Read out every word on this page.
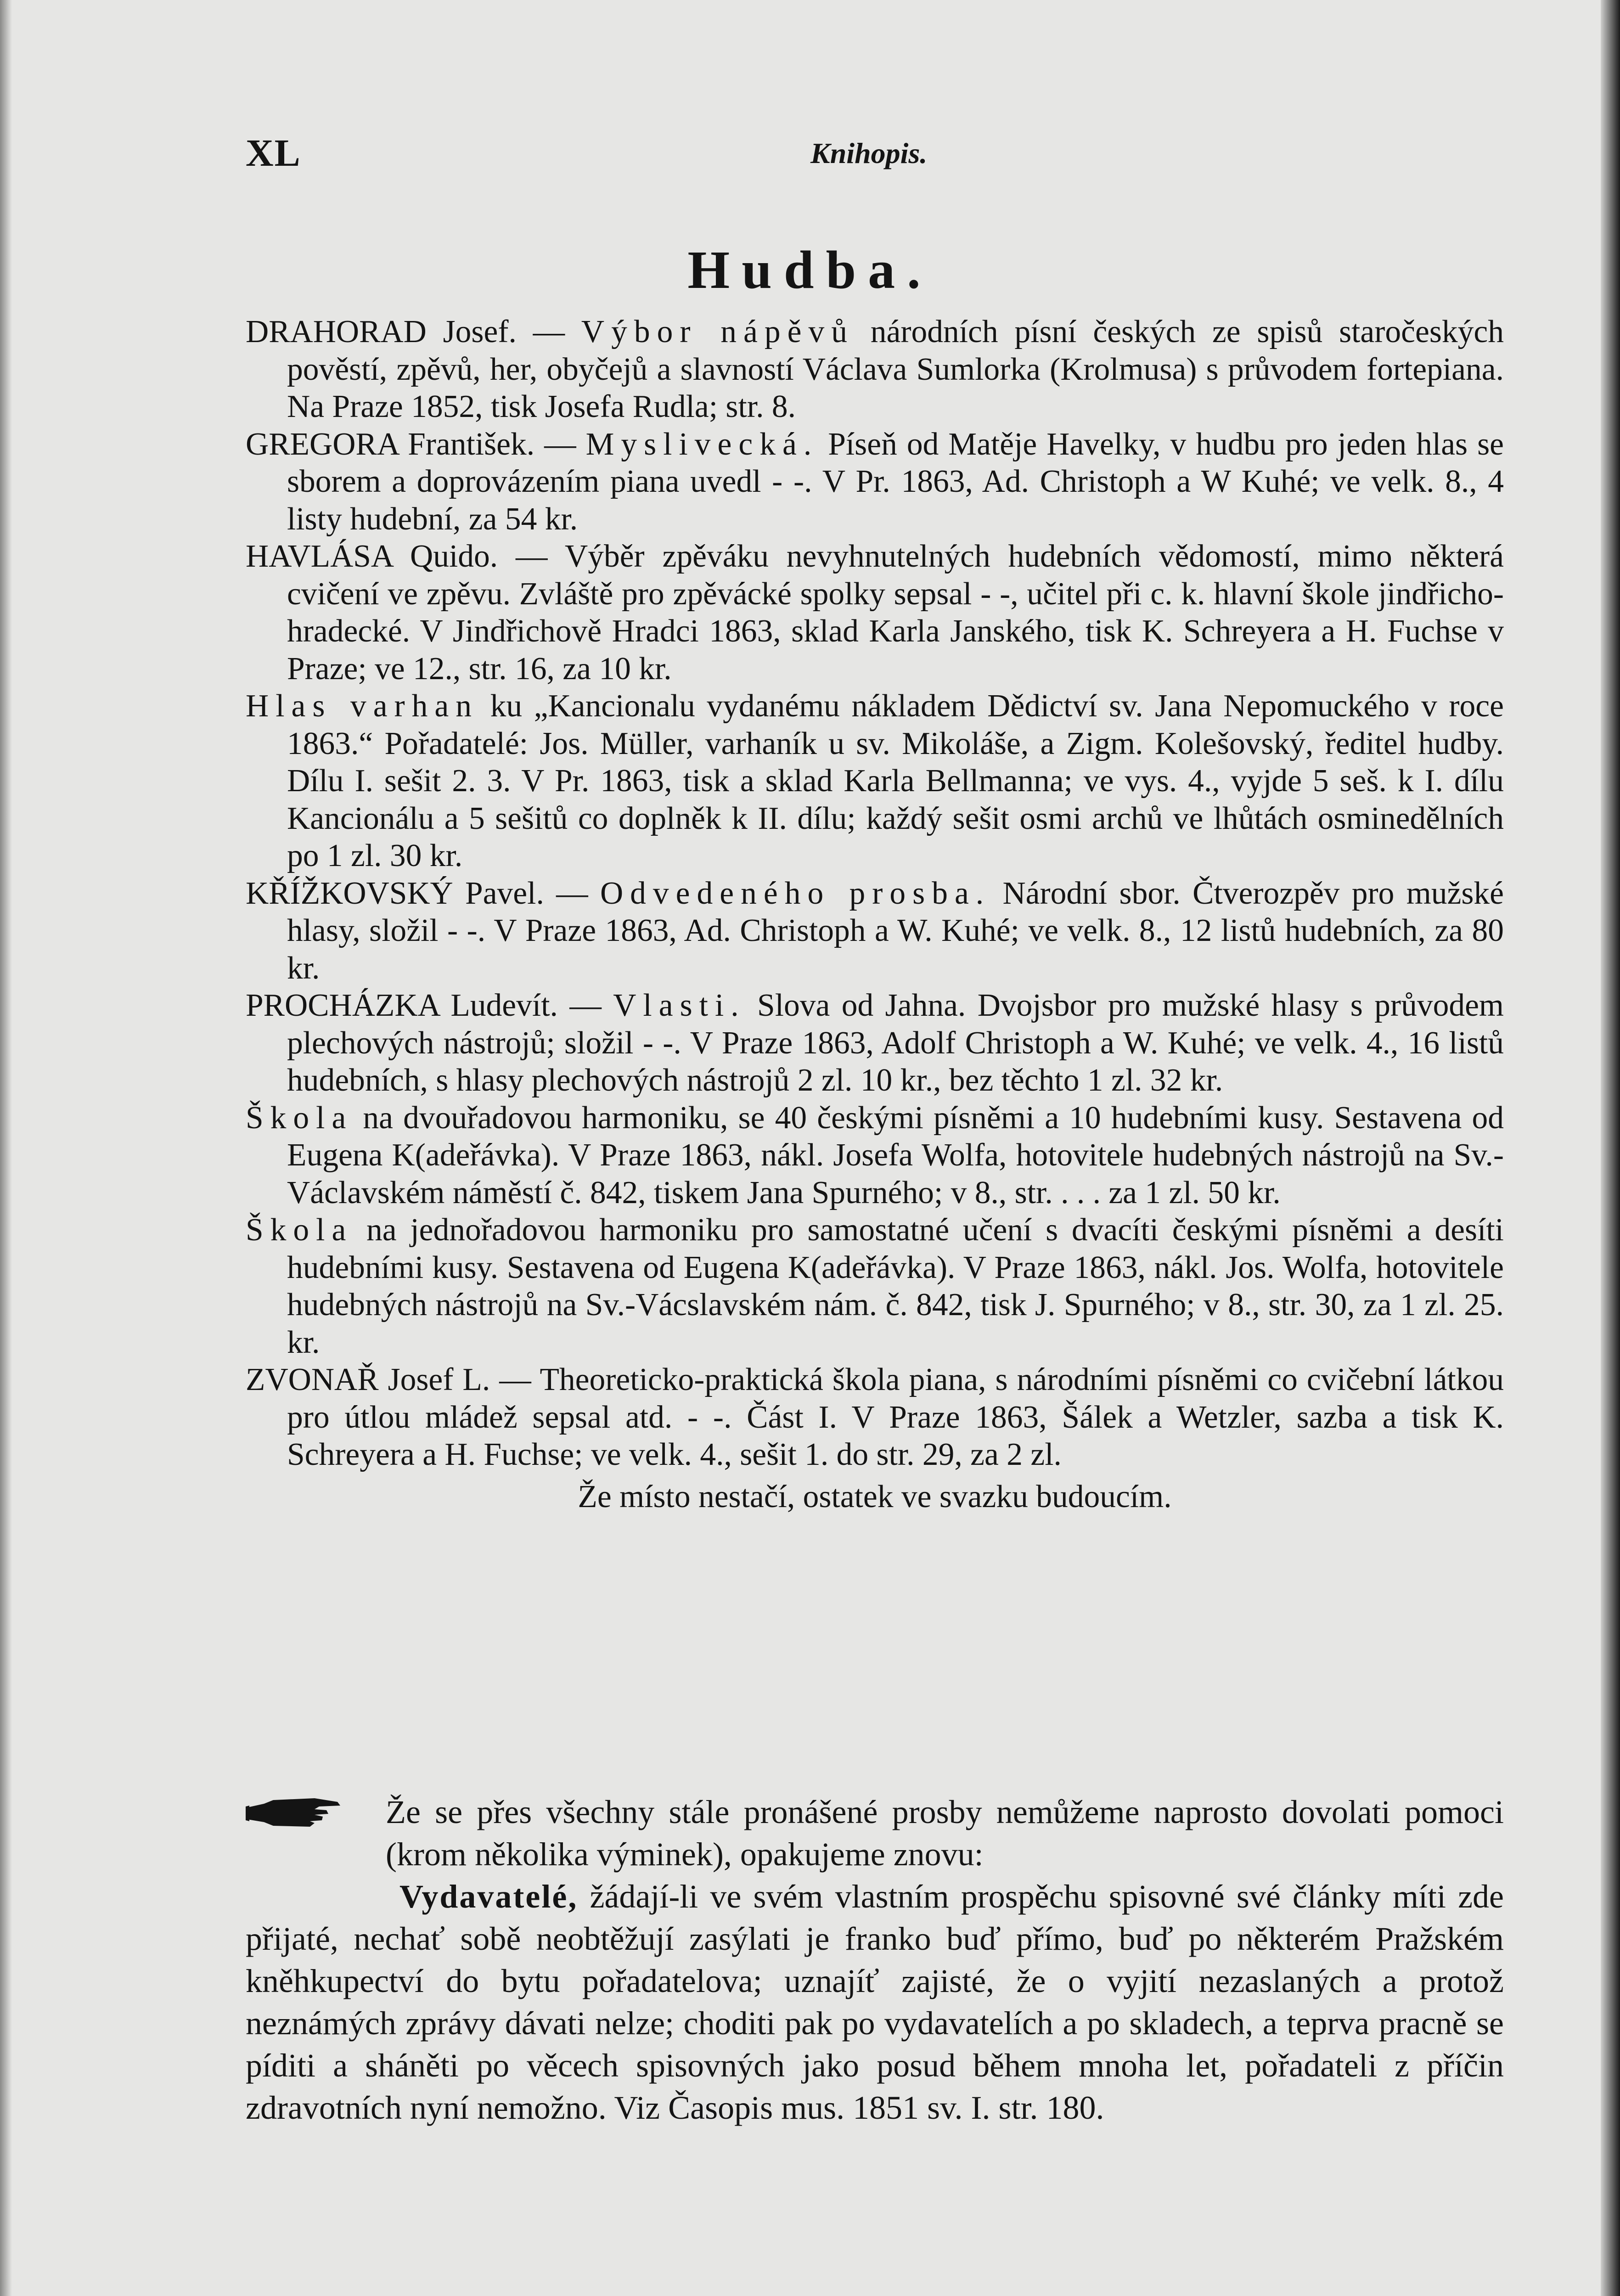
XL	Knihopis.
Hudba.

DRAHORAD Josef. — Výbor nápěvů národních písní českých ze spisů staročeských pověstí, zpěvů, her, obyčejů a slavností Václava Sumlorka (Krolmusa) s průvodem fortepiana. Na Praze 1852, tisk Josefa Rudla; str. 8.

GREGORA František. — Myslivecká. Píseň od Matěje Havelky, v hudbu pro jeden hlas se sborem a doprovázením piana uvedl - -. V Pr. 1863, Ad. Christoph a W Kuhé; ve velk. 8., 4 listy hudební, za 54 kr.

HAVLÁSA Quido. — Výběr zpěváku nevyhnutelných hudebních vědomostí, mimo některá cvičení ve zpěvu. Zvláště pro zpěvácké spolky sepsal - -, učitel při c. k. hlavní škole jindřicho-hradecké. V Jindřichově Hradci 1863, sklad Karla Janského, tisk K. Schreyera a H. Fuchse v Praze; ve 12., str. 16, za 10 kr.

Hlas varhan ku „Kancionalu vydanému nákladem Dědictví sv. Jana Nepomuckého v roce 1863.“ Pořadatelé: Jos. Müller, varhaník u sv. Mikoláše, a Zigm. Kolešovský, ředitel hudby. Dílu I. sešit 2. 3. V Pr. 1863, tisk a sklad Karla Bellmanna; ve vys. 4., vyjde 5 seš. k I. dílu Kancionálu a 5 sešitů co doplněk k II. dílu; každý sešit osmi archů ve lhůtách osminedělních po 1 zl. 30 kr.

KŘÍŽKOVSKÝ Pavel. — Odvedeného prosba. Národní sbor. Čtverozpěv pro mužské hlasy, složil - -. V Praze 1863, Ad. Christoph a W. Kuhé; ve velk. 8., 12 listů hudebních, za 80 kr.

PROCHÁZKA Ludevít. — Vlasti. Slova od Jahna. Dvojsbor pro mužské hlasy s průvodem plechových nástrojů; složil - -. V Praze 1863, Adolf Christoph a W. Kuhé; ve velk. 4., 16 listů hudebních, s hlasy plechových nástrojů 2 zl. 10 kr., bez těchto 1 zl. 32 kr.

Škola na dvouřadovou harmoniku, se 40 českými písněmi a 10 hudebními kusy. Sestavena od Eugena K(adeřávka). V Praze 1863, nákl. Josefa Wolfa, hotovitele hudebných nástrojů na Sv.-Václavském náměstí č. 842, tiskem Jana Spurného; v 8., str. . . . za 1 zl. 50 kr.

Škola na jednořadovou harmoniku pro samostatné učení s dvacíti českými písněmi a desíti hudebními kusy. Sestavena od Eugena K(adeřávka). V Praze 1863, nákl. Jos. Wolfa, hotovitele hudebných nástrojů na Sv.-Vácslavském nám. č. 842, tisk J. Spurného; v 8., str. 30, za 1 zl. 25. kr.

ZVONAŘ Josef L. — Theoreticko-praktická škola piana, s národními písněmi co cvičební látkou pro útlou mládež sepsal atd. - -. Část I. V Praze 1863, Šálek a Wetzler, sazba a tisk K. Schreyera a H. Fuchse; ve velk. 4., sešit 1. do str. 29, za 2 zl.

Že místo nestačí, ostatek ve svazku budoucím.

Že se přes všechny stále pronášené prosby nemůžeme naprosto dovolati pomoci (krom několika výminek), opakujeme znovu:

Vydavatelé, žádají-li ve svém vlastním prospěchu spisovné své články míti zde přijaté, nechať sobě neobtěžují zasýlati je franko buď přímo, buď po některém Pražském kněhkupectví do bytu pořadatelova; uznajíť zajisté, že o vyjití nezaslaných a protož neznámých zprávy dávati nelze; choditi pak po vydavatelích a po skladech, a teprva pracně se píditi a sháněti po věcech spisovných jako posud během mnoha let, pořadateli z příčin zdravotních nyní nemožno. Viz Časopis mus. 1851 sv. I. str. 180.
